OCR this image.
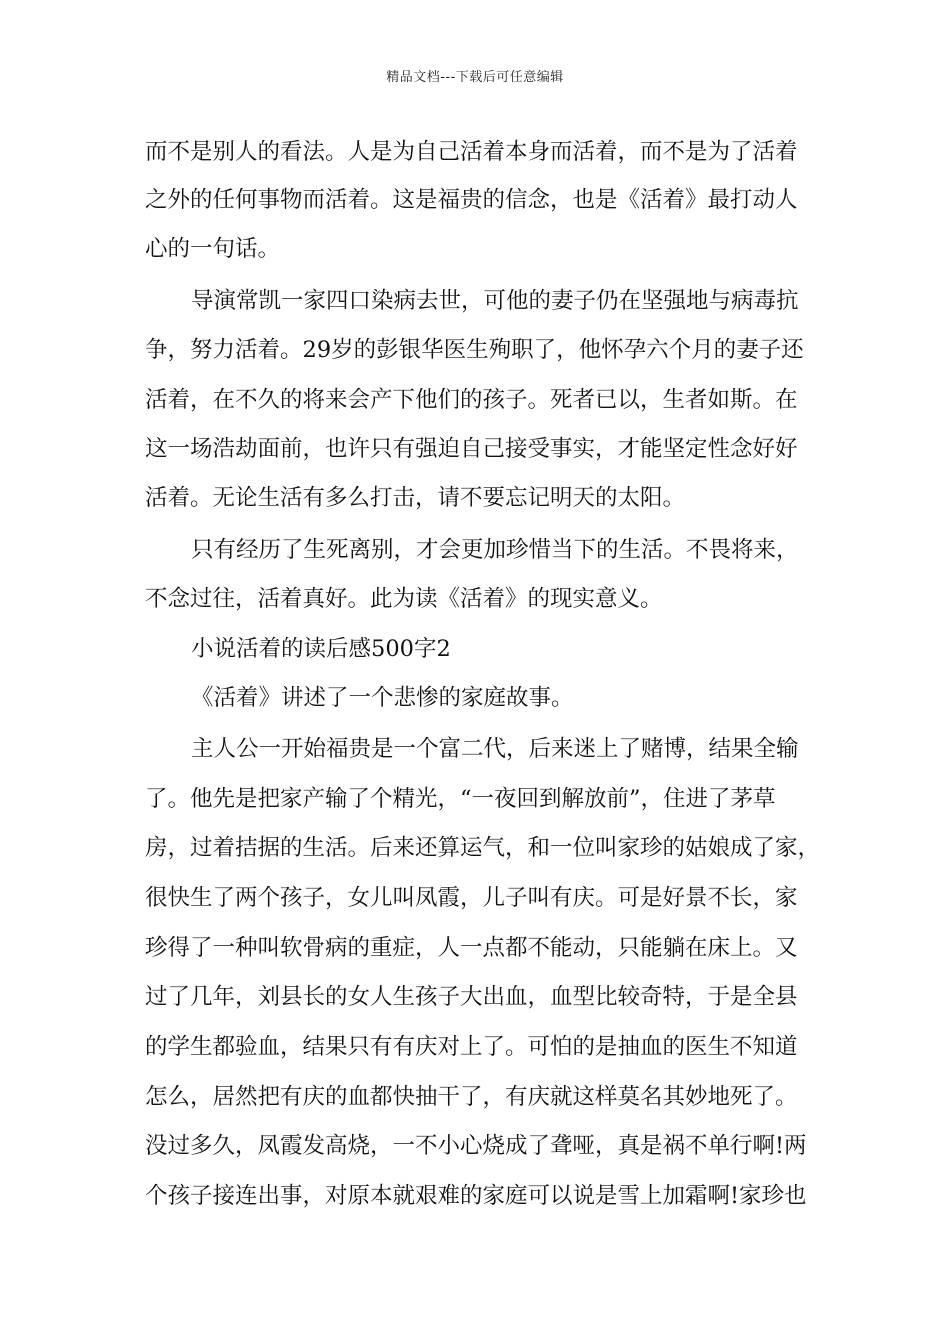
精品文档---下载后可任意编辑
而不是别人的看法。人是为自己活着本身而活着，而不是为了活着
之外的任何事物而活着。这是福贵的信念，也是《活着》最打动人
心的一句话。
导演常凯一家四口染病去世，可他的妻子仍在坚强地与病毒抗
争，努力活着。29岁的彭银华医生殉职了，他怀孕六个月的妻子还
活着，在不久的将来会产下他们的孩子。死者已以，生者如斯。在
这一场浩劫面前，也许只有强迫自己接受事实，才能坚定性念好好
活着。无论生活有多么打击，请不要忘记明天的太阳。
只有经历了生死离别，才会更加珍惜当下的生活。不畏将来，
不念过往，活着真好。此为读《活着》的现实意义。
小说活着的读后感500字2
《活着》讲述了一个悲惨的家庭故事。
主人公一开始福贵是一个富二代，后来迷上了赌博，结果全输
了。他先是把家产输了个精光，“一夜回到解放前”，住进了茅草
房，过着拮据的生活。后来还算运气，和一位叫家珍的姑娘成了家，
很快生了两个孩子，女儿叫凤霞，儿子叫有庆。可是好景不长，家
珍得了一种叫软骨病的重症，人一点都不能动，只能躺在床上。又
过了几年，刘县长的女人生孩子大出血，血型比较奇特，于是全县
的学生都验血，结果只有有庆对上了。可怕的是抽血的医生不知道
怎么，居然把有庆的血都快抽干了，有庆就这样莫名其妙地死了。
没过多久，凤霞发高烧，一不小心烧成了聋哑，真是祸不单行啊!两
个孩子接连出事，对原本就艰难的家庭可以说是雪上加霜啊!家珍也
